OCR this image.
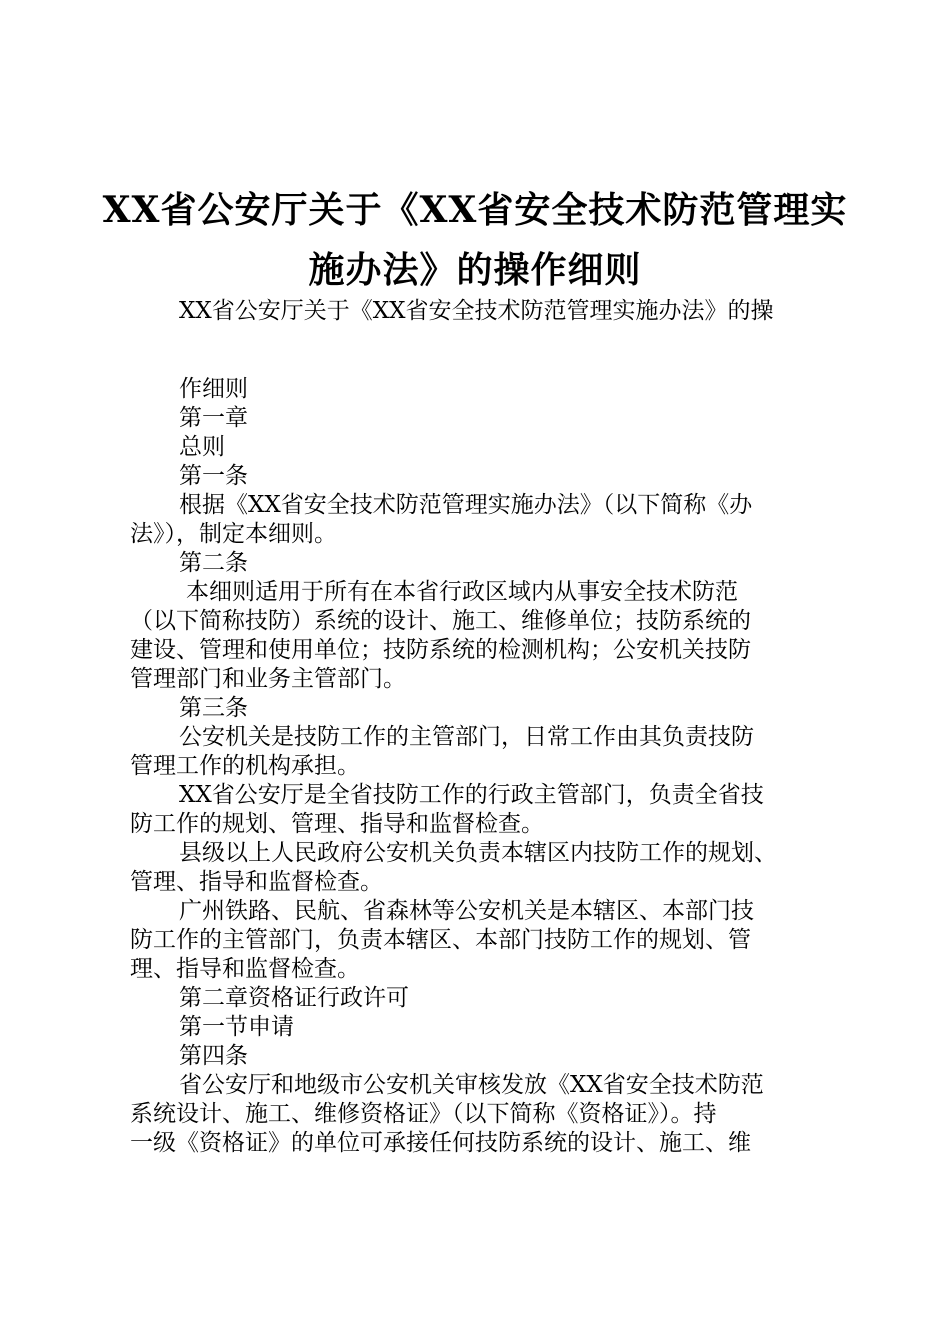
XX省公安厅关于《XX省安全技术防范管理实
施办法》的操作细则
XX省公安厅关于《XX省安全技术防范管理实施办法》的操
作细则
第一章
总则
第一条
根据《XX省安全技术防范管理实施办法》（以下简称《办
法》），制定本细则。
第二条
本细则适用于所有在本省行政区域内从事安全技术防范
（以下简称技防）系统的设计、施工、维修单位；技防系统的
建设、管理和使用单位；技防系统的检测机构；公安机关技防
管理部门和业务主管部门。
第三条
公安机关是技防工作的主管部门，日常工作由其负责技防
管理工作的机构承担。
XX省公安厅是全省技防工作的行政主管部门，负责全省技
防工作的规划、管理、指导和监督检查。
县级以上人民政府公安机关负责本辖区内技防工作的规划、
管理、指导和监督检查。
广州铁路、民航、省森林等公安机关是本辖区、本部门技
防工作的主管部门，负责本辖区、本部门技防工作的规划、管
理、指导和监督检查。
第二章资格证行政许可
第一节申请
第四条
省公安厅和地级市公安机关审核发放《XX省安全技术防范
系统设计、施工、维修资格证》（以下简称《资格证》）。持
一级《资格证》的单位可承接任何技防系统的设计、施工、维
